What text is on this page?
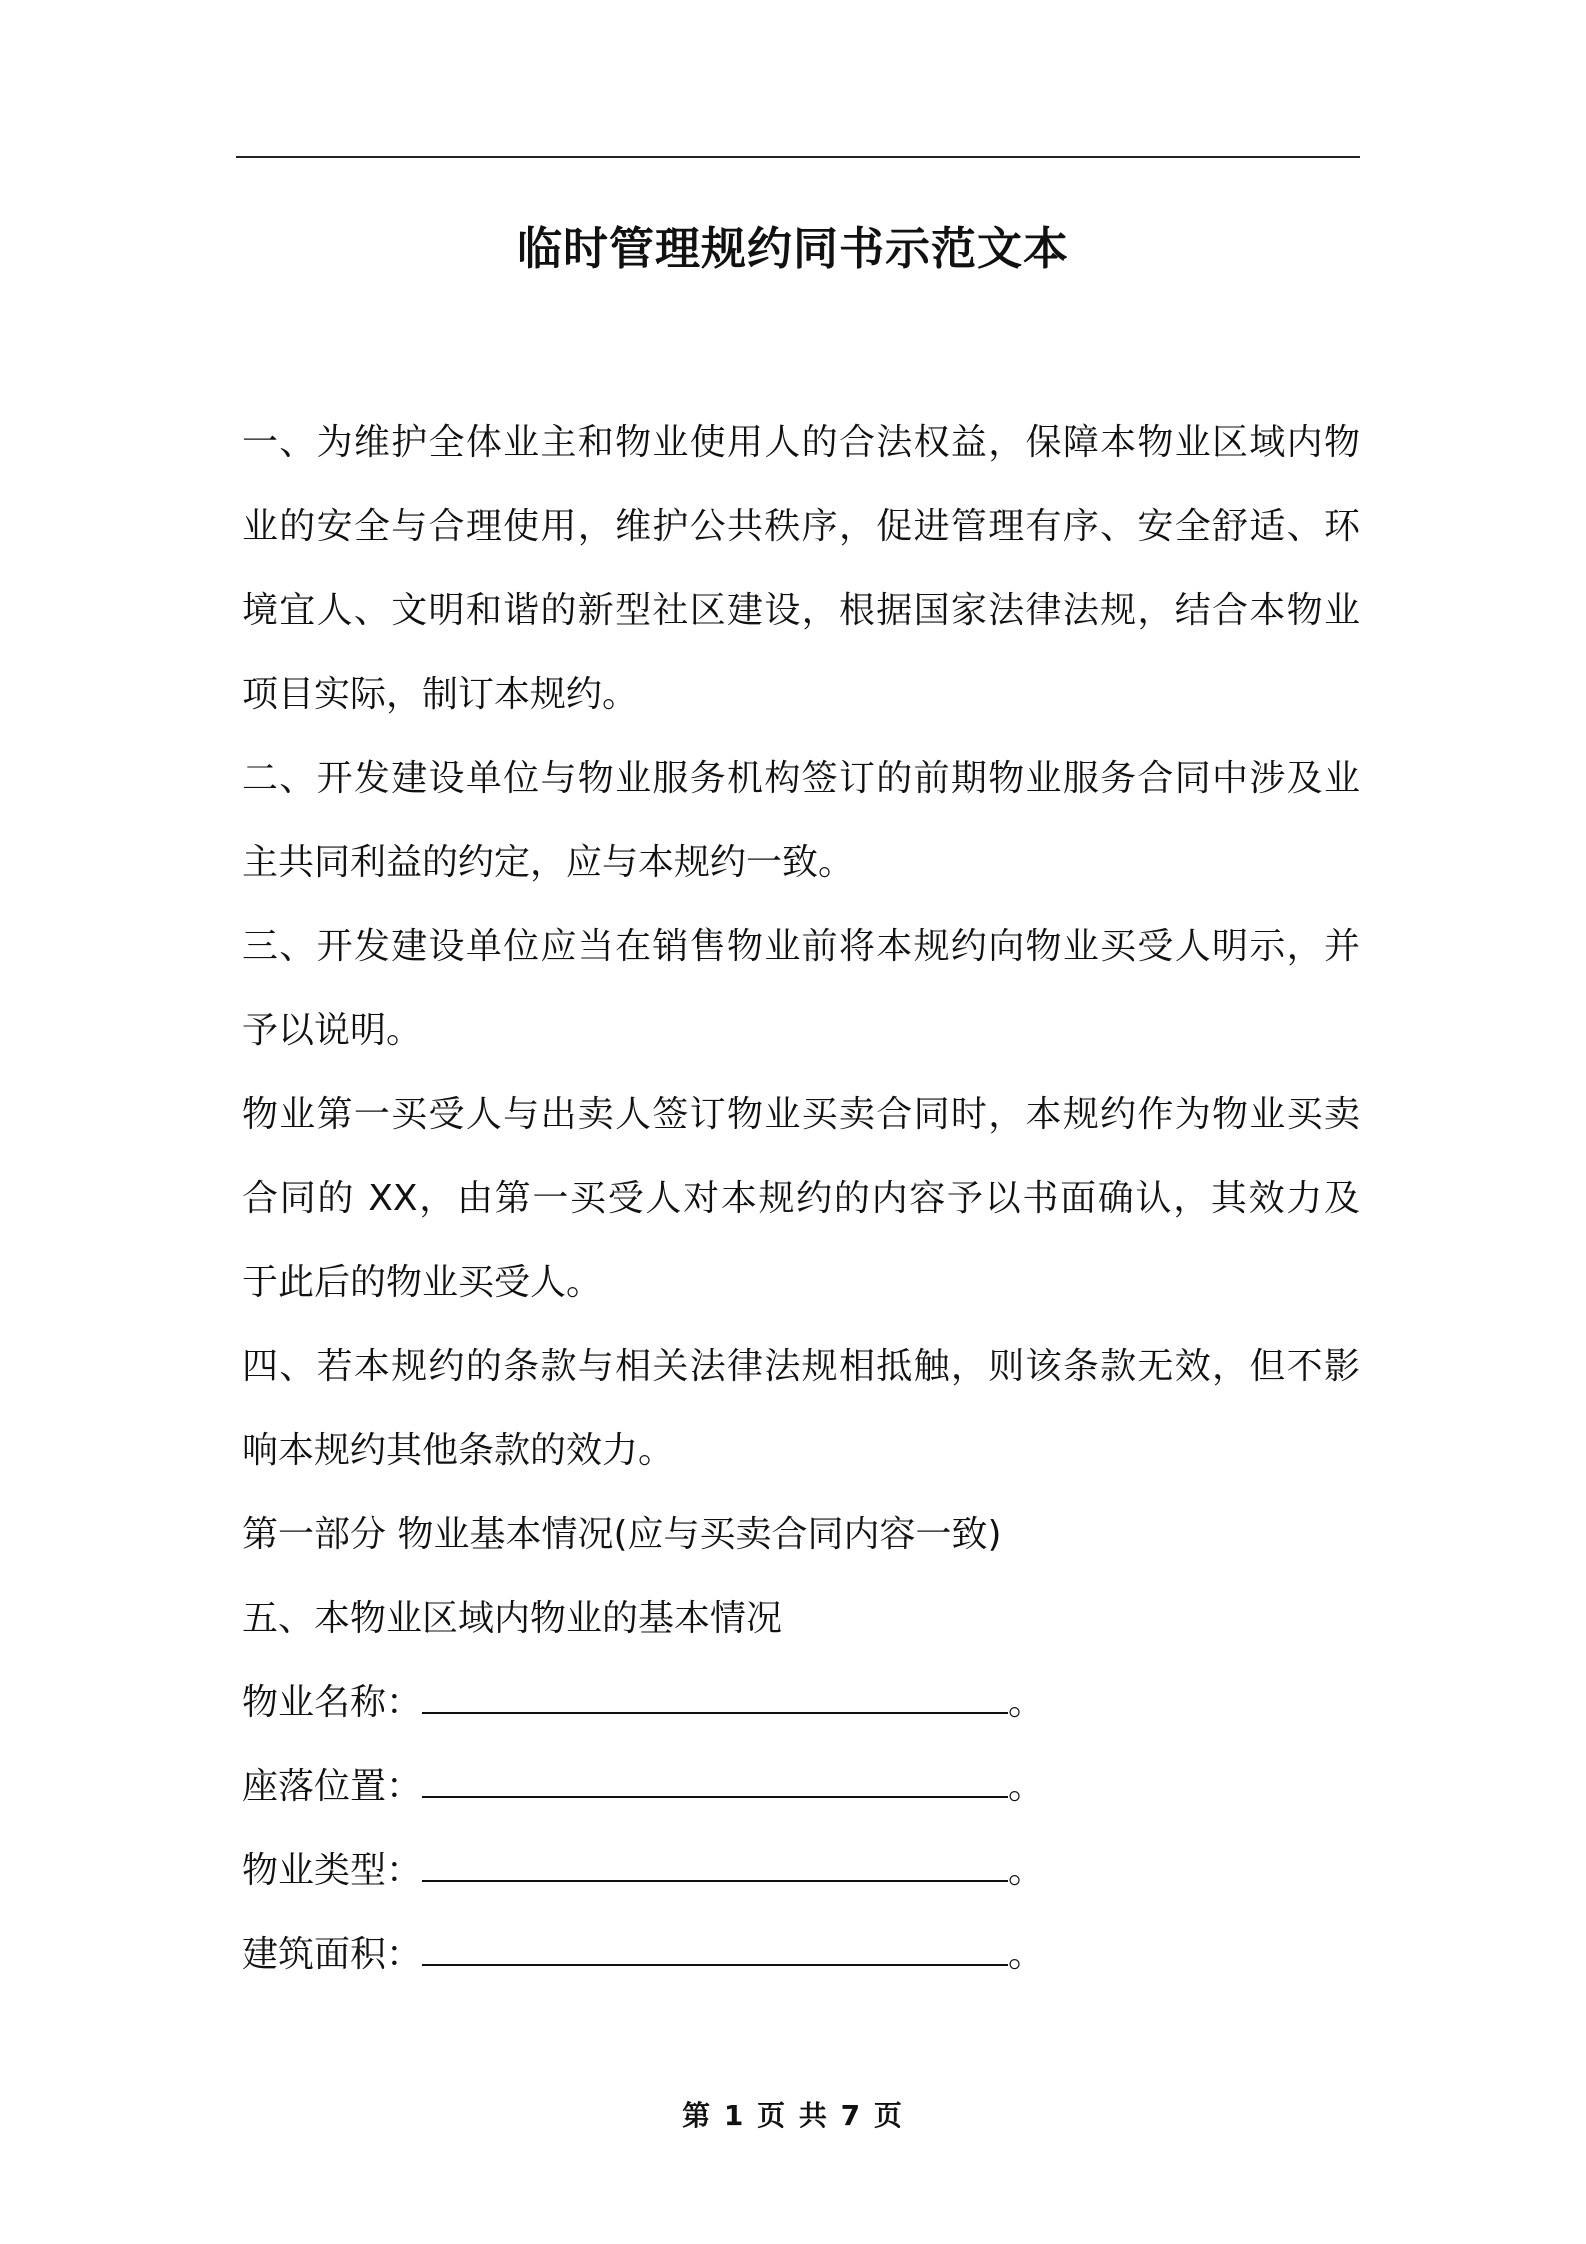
临时管理规约同书示范文本
一、为维护全体业主和物业使用人的合法权益，保障本物业区域内物
业的安全与合理使用，维护公共秩序，促进管理有序、安全舒适、环
境宜人、文明和谐的新型社区建设，根据国家法律法规，结合本物业
项目实际，制订本规约。
二、开发建设单位与物业服务机构签订的前期物业服务合同中涉及业
主共同利益的约定，应与本规约一致。
三、开发建设单位应当在销售物业前将本规约向物业买受人明示，并
予以说明。
物业第一买受人与出卖人签订物业买卖合同时，本规约作为物业买卖
合同的 XX，由第一买受人对本规约的内容予以书面确认，其效力及
于此后的物业买受人。
四、若本规约的条款与相关法律法规相抵触，则该条款无效，但不影
响本规约其他条款的效力。
第一部分 物业基本情况(应与买卖合同内容一致)
五、本物业区域内物业的基本情况
物业名称：	。
座落位置：	。
物业类型：	。
建筑面积：	。
第 1 页 共 7 页
